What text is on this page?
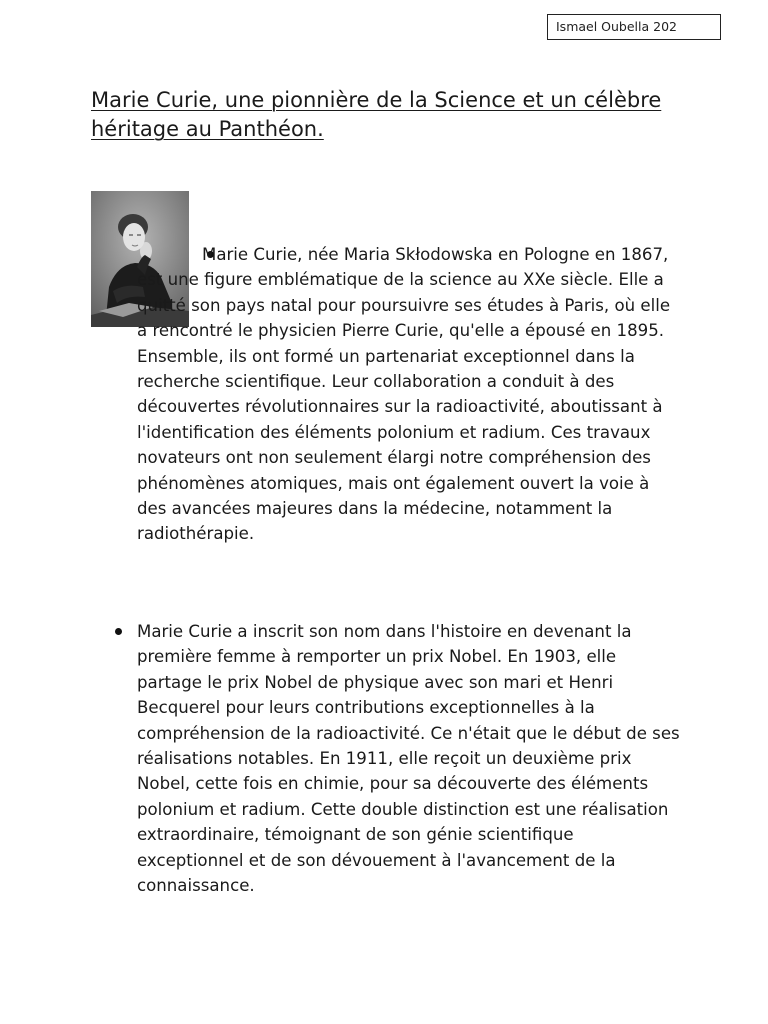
Ismael Oubella 202
Marie Curie, une pionnière de la Science et un célèbre héritage au Panthéon.

Marie Curie, née Maria Skłodowska en Pologne en 1867, est une figure emblématique de la science au XXe siècle. Elle a quitté son pays natal pour poursuivre ses études à Paris, où elle a rencontré le physicien Pierre Curie, qu'elle a épousé en 1895. Ensemble, ils ont formé un partenariat exceptionnel dans la recherche scientifique. Leur collaboration a conduit à des découvertes révolutionnaires sur la radioactivité, aboutissant à l'identification des éléments polonium et radium. Ces travaux novateurs ont non seulement élargi notre compréhension des phénomènes atomiques, mais ont également ouvert la voie à des avancées majeures dans la médecine, notamment la radiothérapie.

Marie Curie a inscrit son nom dans l'histoire en devenant la première femme à remporter un prix Nobel. En 1903, elle partage le prix Nobel de physique avec son mari et Henri Becquerel pour leurs contributions exceptionnelles à la compréhension de la radioactivité. Ce n'était que le début de ses réalisations notables. En 1911, elle reçoit un deuxième prix Nobel, cette fois en chimie, pour sa découverte des éléments polonium et radium. Cette double distinction est une réalisation extraordinaire, témoignant de son génie scientifique exceptionnel et de son dévouement à l'avancement de la connaissance.
